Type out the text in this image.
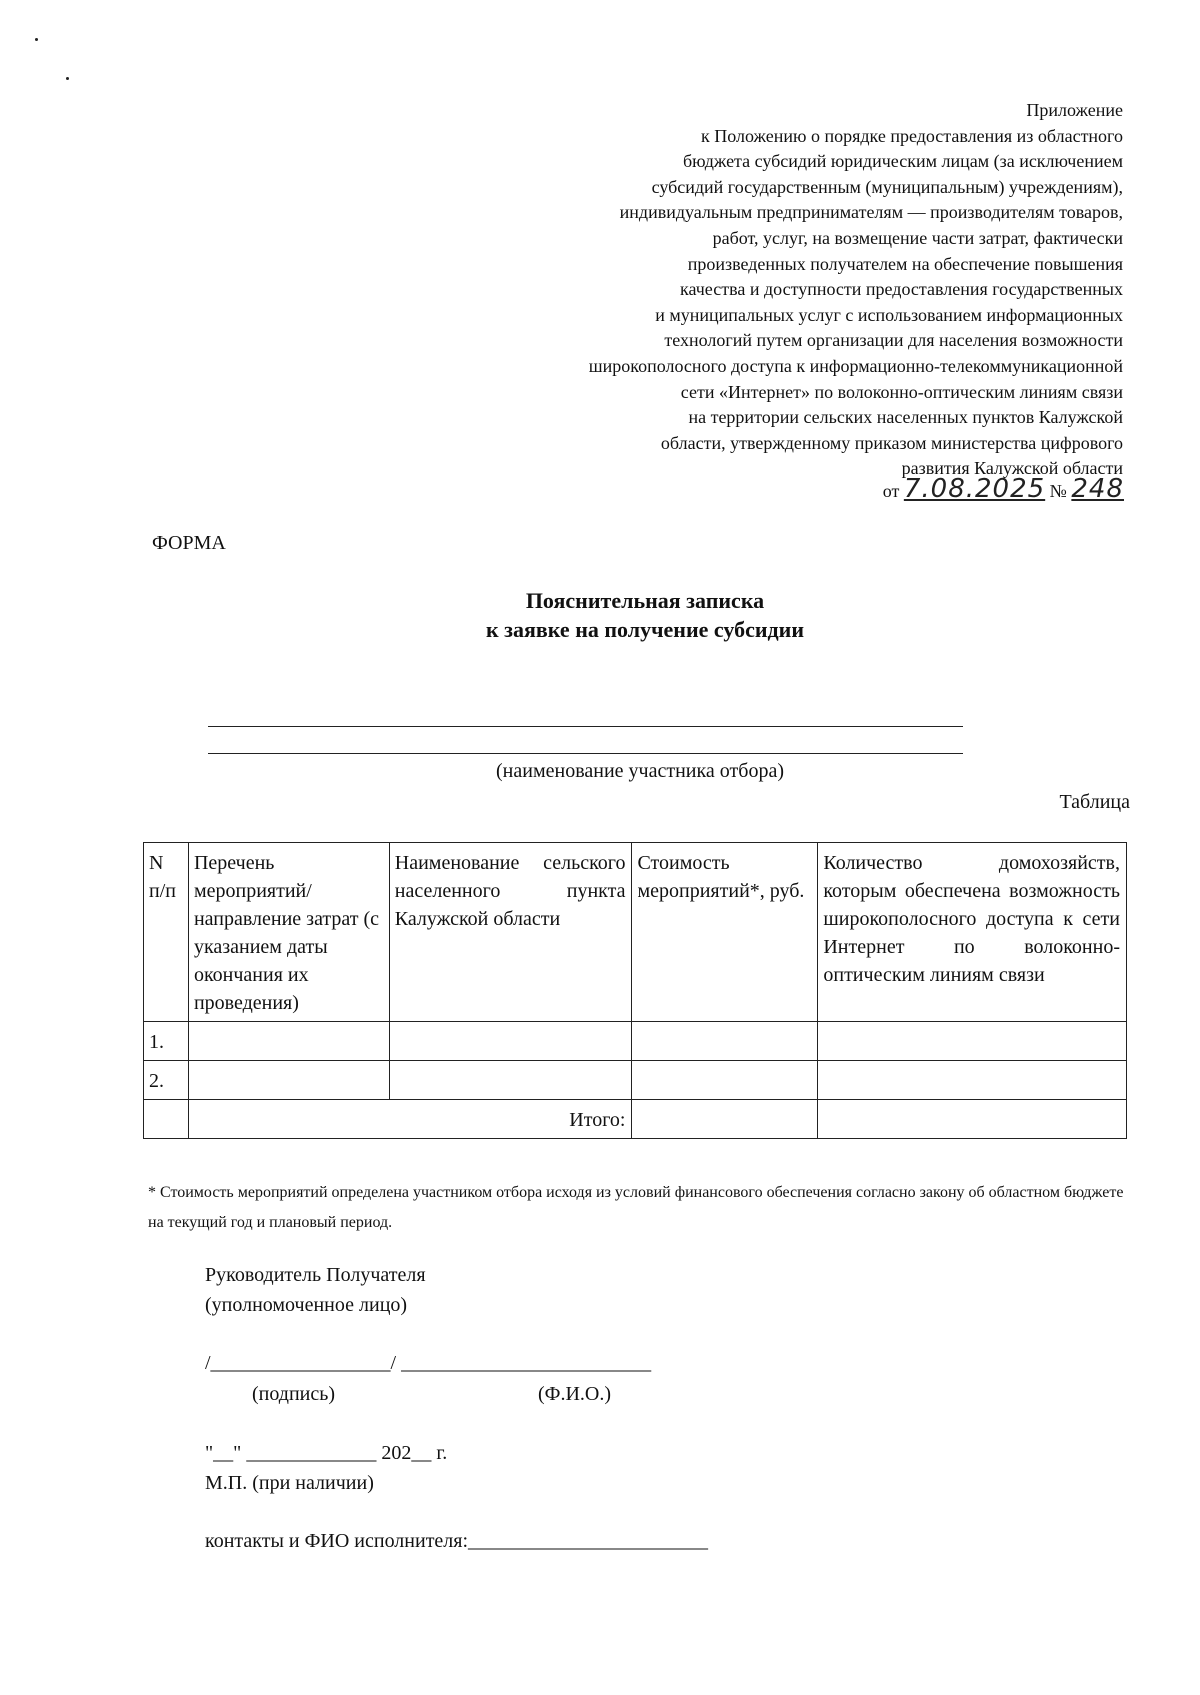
Приложение
к Положению о порядке предоставления из областного
бюджета субсидий юридическим лицам (за исключением
субсидий государственным (муниципальным) учреждениям),
индивидуальным предпринимателям — производителям товаров,
работ, услуг, на возмещение части затрат, фактически
произведенных получателем на обеспечение повышения
качества и доступности предоставления государственных
и муниципальных услуг с использованием информационных
технологий путем организации для населения возможности
широкополосного доступа к информационно-телекоммуникационной
сети «Интернет» по волоконно-оптическим линиям связи
на территории сельских населенных пунктов Калужской
области, утвержденному приказом министерства цифрового
развития Калужской области
от 7.08.2025 № 248
ФОРМА
Пояснительная записка
к заявке на получение субсидии
(наименование участника отбора)
Таблица
N п/п	Перечень мероприятий/ направление затрат (с указанием даты окончания их проведения)	Наименование сельского населенного пункта Калужской области	Стоимость мероприятий*, руб.	Количество домохозяйств, которым обеспечена возможность широкополосного доступа к сети Интернет по волоконно-оптическим линиям связи
1.				
2.				
	Итого:			
* Стоимость мероприятий определена участником отбора исходя из условий финансового обеспечения согласно закону об областном бюджете на текущий год и плановый период.
Руководитель Получателя
(уполномоченное лицо)
/__________________/ _________________________
(подпись)	(Ф.И.О.)
"__" _____________ 202__ г.
М.П. (при наличии)
контакты и ФИО исполнителя:________________________
